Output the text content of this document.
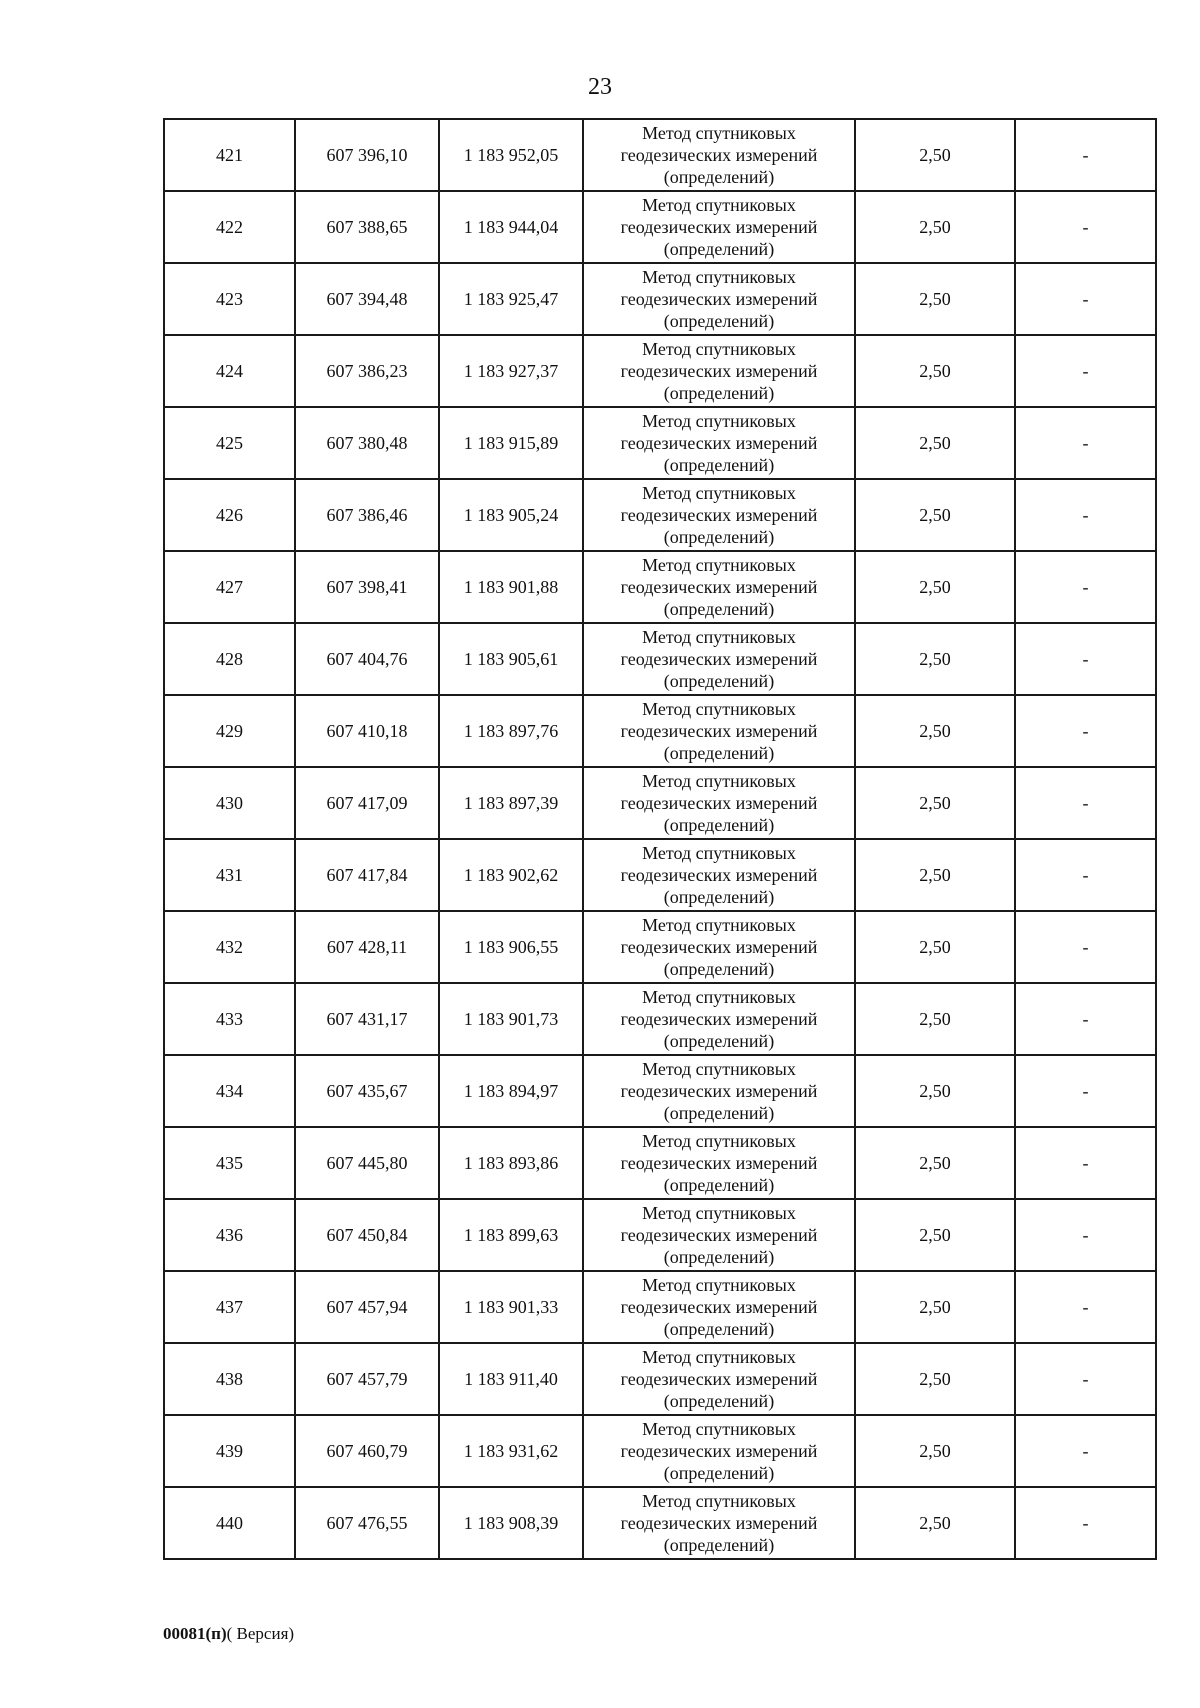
23
421	607 396,10	1 183 952,05	Метод спутниковых
геодезических измерений
(определений)	2,50	-
422	607 388,65	1 183 944,04	Метод спутниковых
геодезических измерений
(определений)	2,50	-
423	607 394,48	1 183 925,47	Метод спутниковых
геодезических измерений
(определений)	2,50	-
424	607 386,23	1 183 927,37	Метод спутниковых
геодезических измерений
(определений)	2,50	-
425	607 380,48	1 183 915,89	Метод спутниковых
геодезических измерений
(определений)	2,50	-
426	607 386,46	1 183 905,24	Метод спутниковых
геодезических измерений
(определений)	2,50	-
427	607 398,41	1 183 901,88	Метод спутниковых
геодезических измерений
(определений)	2,50	-
428	607 404,76	1 183 905,61	Метод спутниковых
геодезических измерений
(определений)	2,50	-
429	607 410,18	1 183 897,76	Метод спутниковых
геодезических измерений
(определений)	2,50	-
430	607 417,09	1 183 897,39	Метод спутниковых
геодезических измерений
(определений)	2,50	-
431	607 417,84	1 183 902,62	Метод спутниковых
геодезических измерений
(определений)	2,50	-
432	607 428,11	1 183 906,55	Метод спутниковых
геодезических измерений
(определений)	2,50	-
433	607 431,17	1 183 901,73	Метод спутниковых
геодезических измерений
(определений)	2,50	-
434	607 435,67	1 183 894,97	Метод спутниковых
геодезических измерений
(определений)	2,50	-
435	607 445,80	1 183 893,86	Метод спутниковых
геодезических измерений
(определений)	2,50	-
436	607 450,84	1 183 899,63	Метод спутниковых
геодезических измерений
(определений)	2,50	-
437	607 457,94	1 183 901,33	Метод спутниковых
геодезических измерений
(определений)	2,50	-
438	607 457,79	1 183 911,40	Метод спутниковых
геодезических измерений
(определений)	2,50	-
439	607 460,79	1 183 931,62	Метод спутниковых
геодезических измерений
(определений)	2,50	-
440	607 476,55	1 183 908,39	Метод спутниковых
геодезических измерений
(определений)	2,50	-
00081(п)( Версия)
